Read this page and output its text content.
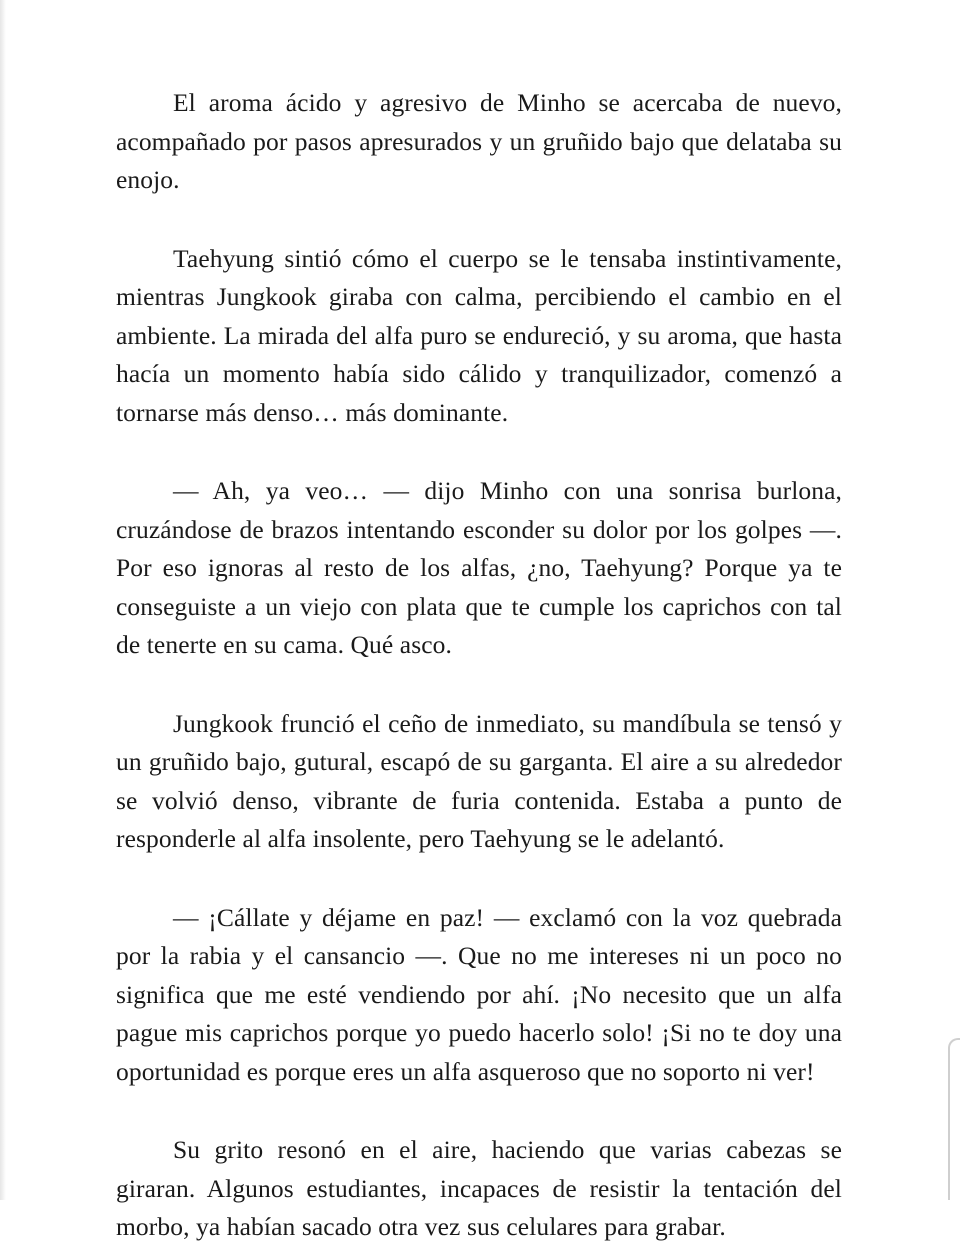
El aroma ácido y agresivo de Minho se acercaba de nuevo, acompañado por pasos apresurados y un gruñido bajo que delataba su enojo.

Taehyung sintió cómo el cuerpo se le tensaba instintivamente, mientras Jungkook giraba con calma, percibiendo el cambio en el ambiente. La mirada del alfa puro se endureció, y su aroma, que hasta hacía un momento había sido cálido y tranquilizador, comenzó a tornarse más denso… más dominante.

— Ah, ya veo… — dijo Minho con una sonrisa burlona, cruzándose de brazos intentando esconder su dolor por los golpes —. Por eso ignoras al resto de los alfas, ¿no, Taehyung? Porque ya te conseguiste a un viejo con plata que te cumple los caprichos con tal de tenerte en su cama. Qué asco.

Jungkook frunció el ceño de inmediato, su mandíbula se tensó y un gruñido bajo, gutural, escapó de su garganta. El aire a su alrededor se volvió denso, vibrante de furia contenida. Estaba a punto de responderle al alfa insolente, pero Taehyung se le adelantó.

— ¡Cállate y déjame en paz! — exclamó con la voz quebrada por la rabia y el cansancio —. Que no me intereses ni un poco no significa que me esté vendiendo por ahí. ¡No necesito que un alfa pague mis caprichos porque yo puedo hacerlo solo! ¡Si no te doy una oportunidad es porque eres un alfa asqueroso que no soporto ni ver!

Su grito resonó en el aire, haciendo que varias cabezas se giraran. Algunos estudiantes, incapaces de resistir la tentación del morbo, ya habían sacado otra vez sus celulares para grabar.
